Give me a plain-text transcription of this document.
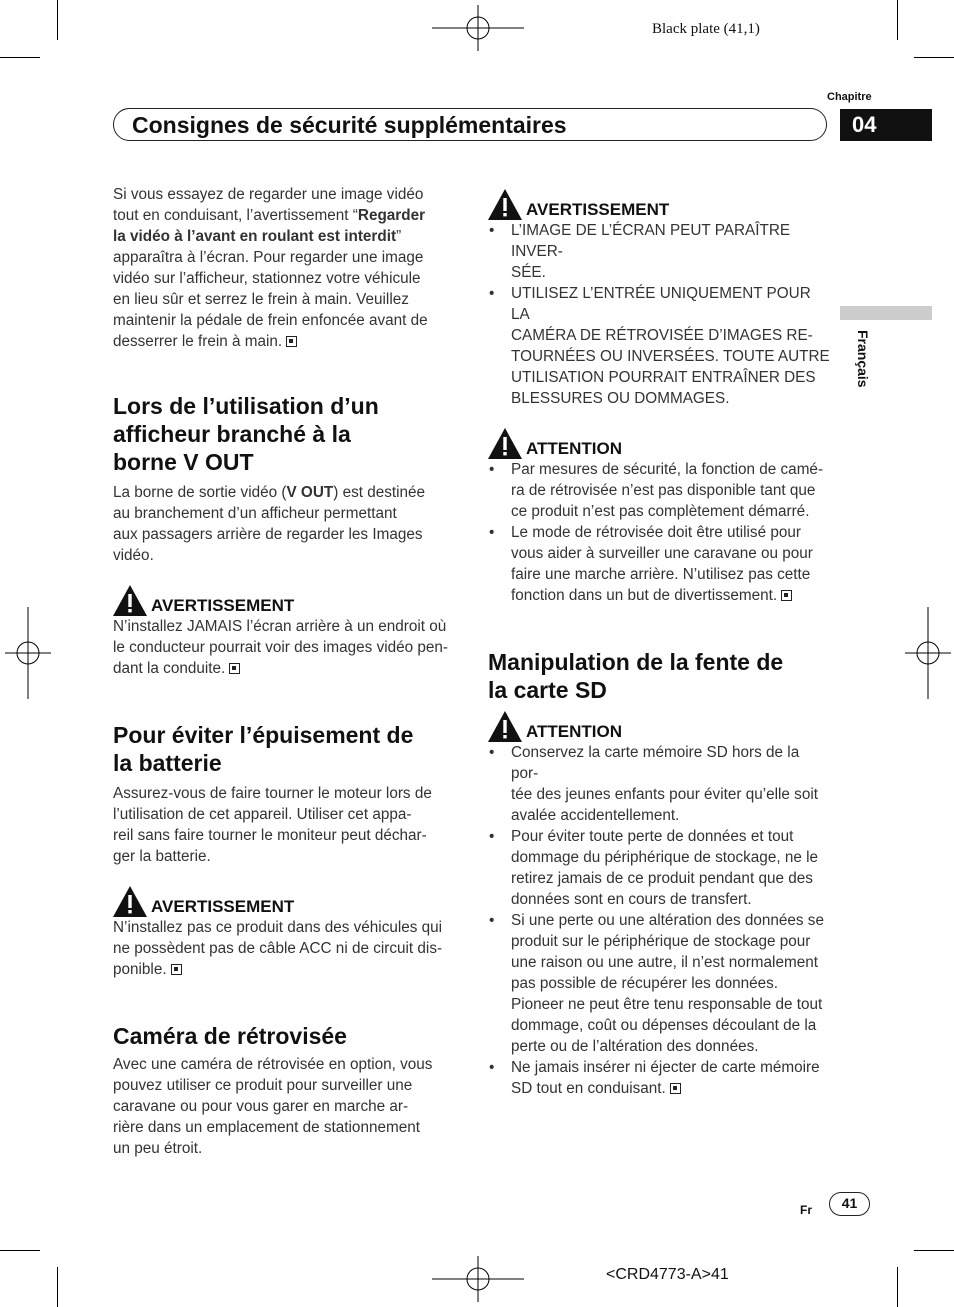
Black plate (41,1)
Chapitre
Consignes de sécurité supplémentaires	04
Français

Si vous essayez de regarder une image vidéo
tout en conduisant, l’avertissement “Regarder
la vidéo à l’avant en roulant est interdit”
apparaîtra à l’écran. Pour regarder une image
vidéo sur l’afficheur, stationnez votre véhicule
en lieu sûr et serrez le frein à main. Veuillez
maintenir la pédale de frein enfoncée avant de
desserrer le frein à main.

Lors de l’utilisation d’un
afficheur branché à la
borne V OUT

La borne de sortie vidéo (V OUT) est destinée
au branchement d’un afficheur permettant
aux passagers arrière de regarder les Images
vidéo.

AVERTISSEMENT

N’installez JAMAIS l’écran arrière à un endroit où
le conducteur pourrait voir des images vidéo pen-
dant la conduite.

Pour éviter l’épuisement de
la batterie

Assurez-vous de faire tourner le moteur lors de
l’utilisation de cet appareil. Utiliser cet appa-
reil sans faire tourner le moniteur peut déchar-
ger la batterie.

AVERTISSEMENT

N’installez pas ce produit dans des véhicules qui
ne possèdent pas de câble ACC ni de circuit dis-
ponible.

Caméra de rétrovisée

Avec une caméra de rétrovisée en option, vous
pouvez utiliser ce produit pour surveiller une
caravane ou pour vous garer en marche ar-
rière dans un emplacement de stationnement
un peu étroit.

AVERTISSEMENT
• L’IMAGE DE L’ÉCRAN PEUT PARAÎTRE INVER-
SÉE.
• UTILISEZ L’ENTRÉE UNIQUEMENT POUR LA
CAMÉRA DE RÉTROVISÉE D’IMAGES RE-
TOURNÉES OU INVERSÉES. TOUTE AUTRE
UTILISATION POURRAIT ENTRAÎNER DES
BLESSURES OU DOMMAGES.
ATTENTION
• Par mesures de sécurité, la fonction de camé-
ra de rétrovisée n’est pas disponible tant que
ce produit n’est pas complètement démarré.
• Le mode de rétrovisée doit être utilisé pour
vous aider à surveiller une caravane ou pour
faire une marche arrière. N’utilisez pas cette
fonction dans un but de divertissement.
Manipulation de la fente de
la carte SD
ATTENTION
• Conservez la carte mémoire SD hors de la por-
tée des jeunes enfants pour éviter qu’elle soit
avalée accidentellement.
• Pour éviter toute perte de données et tout
dommage du périphérique de stockage, ne le
retirez jamais de ce produit pendant que des
données sont en cours de transfert.
• Si une perte ou une altération des données se
produit sur le périphérique de stockage pour
une raison ou une autre, il n’est normalement
pas possible de récupérer les données.
Pioneer ne peut être tenu responsable de tout
dommage, coût ou dépenses découlant de la
perte ou de l’altération des données.
• Ne jamais insérer ni éjecter de carte mémoire
SD tout en conduisant.
Fr	41
<CRD4773-A>41
